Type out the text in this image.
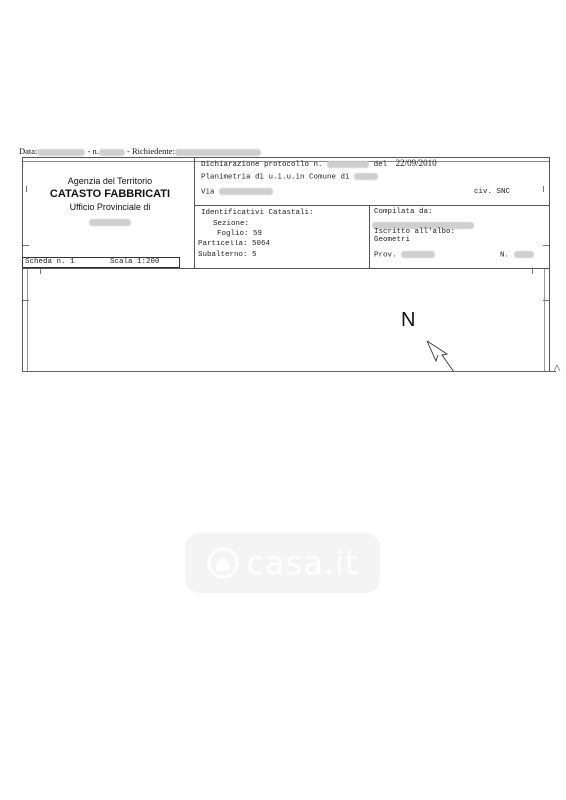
Data:	- n.	- Richiedente:
Agenzia del Territorio
CATASTO FABBRICATI
Ufficio Provinciale di
Dichiarazione protocollo n.	del 22/09/2010
Planimetria di u.i.u.in Comune di
Via	civ. SNC
Identificativi Catastali:
Sezione:
Foglio: 59
Particella: 5064
Subalterno: 5
Compilata da:
Iscritto all'albo:
Geometri
Prov.	N.
Scheda n. 1	Scala 1:200
N
casa.it
